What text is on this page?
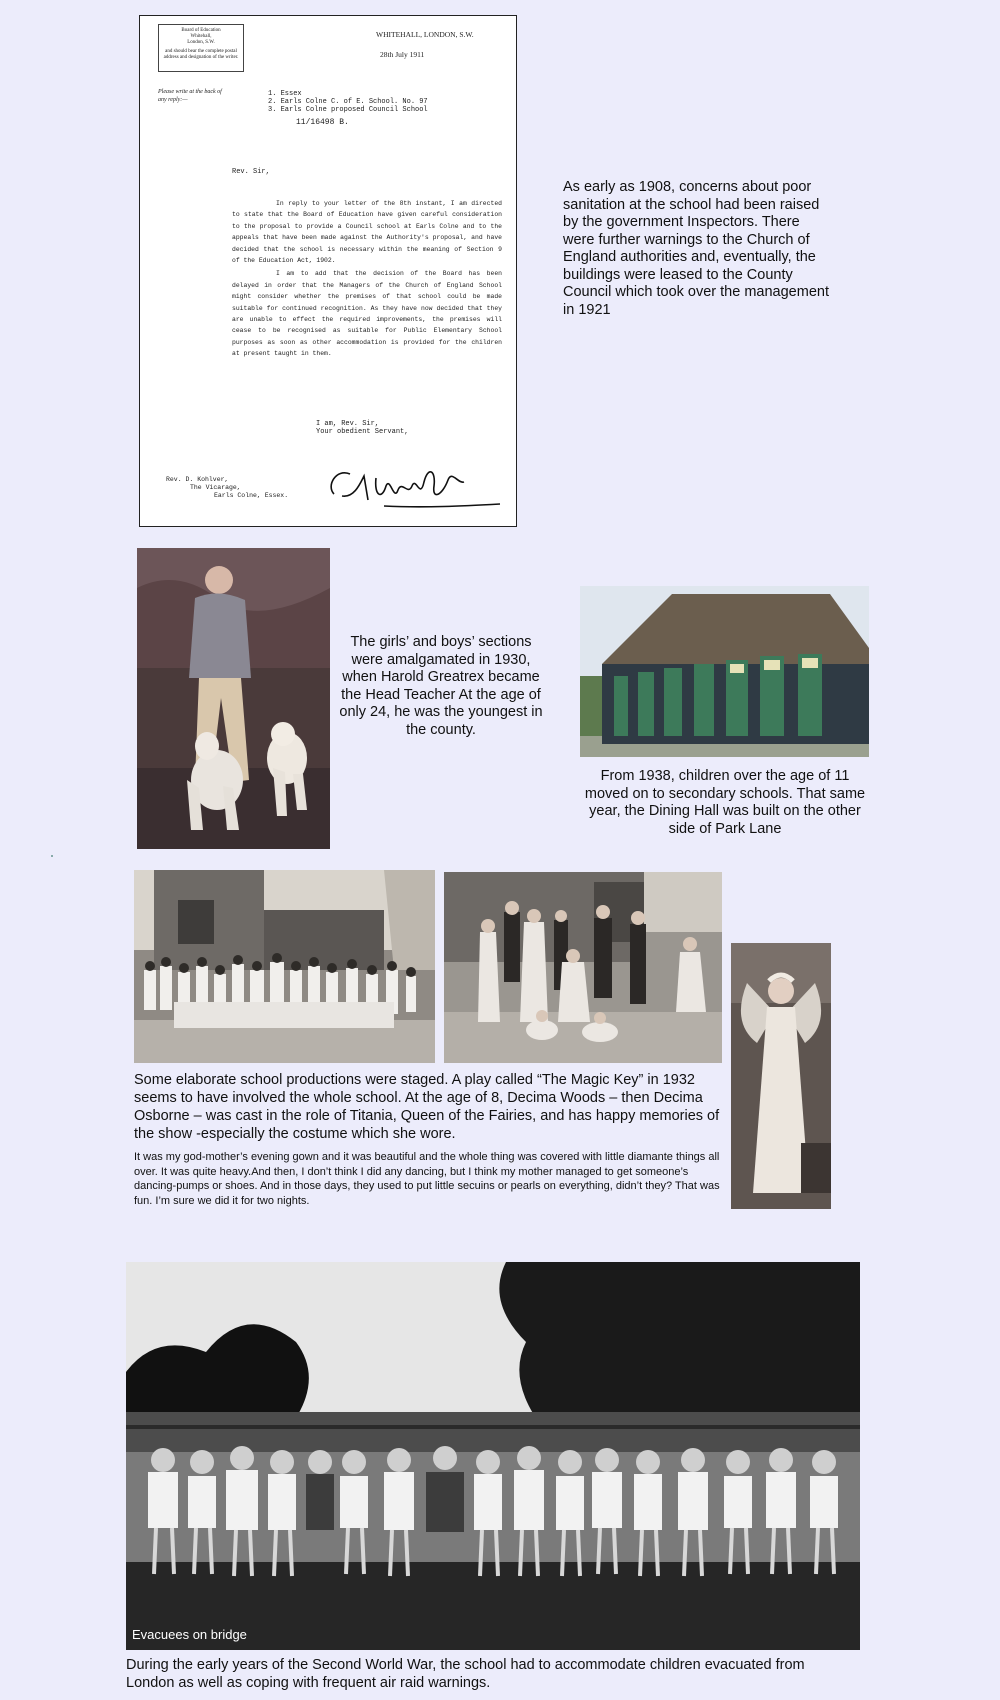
Board of Education
Whitehall,
London, S.W.
and should bear the complete postal
address and designation of the writer.
WHITEHALL, LONDON, S.W.
28th July 1911
Please write at the back of any reply:—
1. Essex
2. Earls Colne C. of E. School. No. 97
3. Earls Colne proposed Council School
11/16498 B.
Rev. Sir,

In reply to your letter of the 8th instant, I am directed to state that the Board of Education have given careful consideration to the proposal to provide a Council school at Earls Colne and to the appeals that have been made against the Authority's proposal, and have decided that the school is necessary within the meaning of Section 9 of the Education Act, 1902.

I am to add that the decision of the Board has been delayed in order that the Managers of the Church of England School might consider whether the premises of that school could be made suitable for continued recognition. As they have now decided that they are unable to effect the required improvements, the premises will cease to be recognised as suitable for Public Elementary School purposes as soon as other accommodation is provided for the children at present taught in them.

I am, Rev. Sir,
Your obedient Servant,
Rev. D. Kohlver,
The Vicarage,
Earls Colne, Essex.
As early as 1908, concerns about poor sanitation at the school had been raised by the government Inspectors. There were further warnings to the Church of England authorities and, eventually, the buildings were leased to the County Council which took over the management in 1921
The girls’ and boys’ sections were amalgamated in 1930, when Harold Greatrex became the Head Teacher At the age of only 24, he was the youngest in the county.
From 1938, children over the age of 11 moved on to secondary schools. That same year, the Dining Hall was built on the other side of Park Lane
Some elaborate school productions were staged. A play called “The Magic Key” in 1932 seems to have involved the whole school. At the age of 8, Decima Woods – then Decima Osborne – was cast in the role of Titania, Queen of the Fairies, and has happy memories of the show -especially the costume which she wore.
It was my god-mother’s evening gown and it was beautiful and the whole thing was covered with little diamante things all over. It was quite heavy.And then, I don’t think I did any dancing, but I think my mother managed to get someone’s dancing-pumps or shoes. And in those days, they used to put little secuins or pearls on everything, didn’t they? That was fun. I’m sure we did it for two nights.
Evacuees on bridge
During the early years of the Second World War, the school had to accommodate children evacuated from London as well as coping with frequent air raid warnings.
